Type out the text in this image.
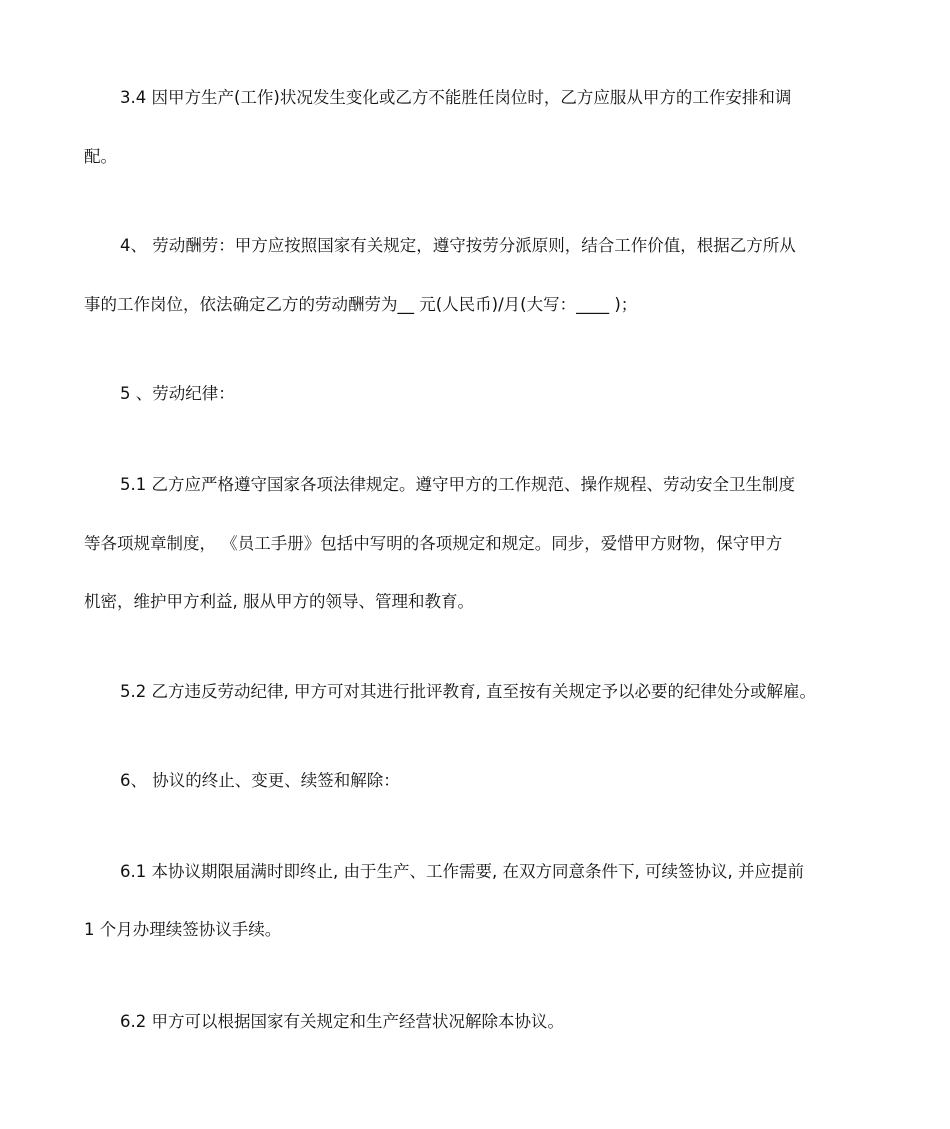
3.4 因甲方生产(工作)状况发生变化或乙方不能胜任岗位时，乙方应服从甲方的工作安排和调
配。
4、 劳动酬劳：甲方应按照国家有关规定，遵守按劳分派原则，结合工作价值，根据乙方所从
事的工作岗位，依法确定乙方的劳动酬劳为__ 元(人民币)/月(大写：____ )；
5 、劳动纪律：
5.1 乙方应严格遵守国家各项法律规定。遵守甲方的工作规范、操作规程、劳动安全卫生制度
等各项规章制度， 《员工手册》包括中写明的各项规定和规定。同步，爱惜甲方财物，保守甲方
机密，维护甲方利益, 服从甲方的领导、管理和教育。
5.2 乙方违反劳动纪律, 甲方可对其进行批评教育, 直至按有关规定予以必要的纪律处分或解雇。
6、 协议的终止、变更、续签和解除：
6.1 本协议期限届满时即终止, 由于生产、工作需要, 在双方同意条件下, 可续签协议, 并应提前
1 个月办理续签协议手续。
6.2 甲方可以根据国家有关规定和生产经营状况解除本协议。
